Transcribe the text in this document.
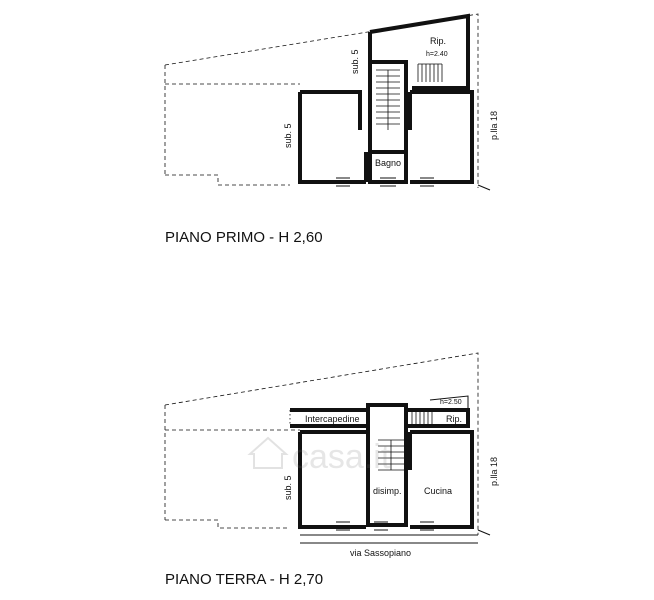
Rip.
h=2.40
Bagno
sub. 5
sub. 5	p.lla 18
PIANO PRIMO - H 2,60
Intercapedine	Rip.
h=2.50
disimp. Cucina
sub. 5
p.lla 18
via Sassopiano
PIANO TERRA - H 2,70
casa.it
